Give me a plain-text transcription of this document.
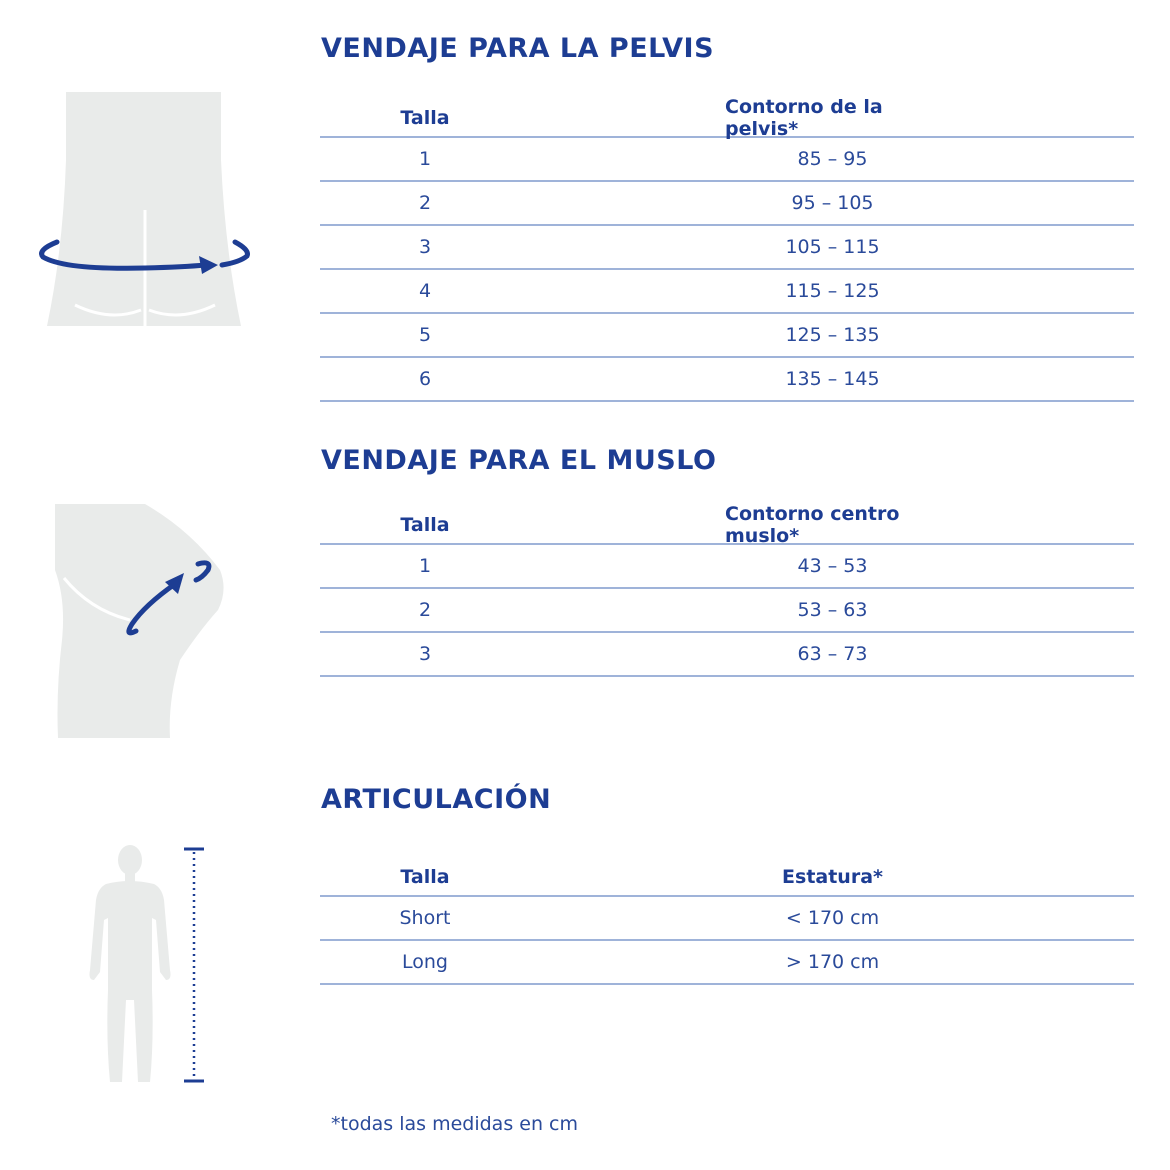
VENDAJE PARA LA PELVIS
Talla	Contorno de la pelvis*
1	85 – 95
2	95 – 105
3	105 – 115
4	115 – 125
5	125 – 135
6	135 – 145
VENDAJE PARA EL MUSLO
Talla	Contorno centro muslo*
1	43 – 53
2	53 – 63
3	63 – 73
ARTICULACIÓN
Talla	Estatura*
Short	< 170 cm
Long	> 170 cm
*todas las medidas en cm
